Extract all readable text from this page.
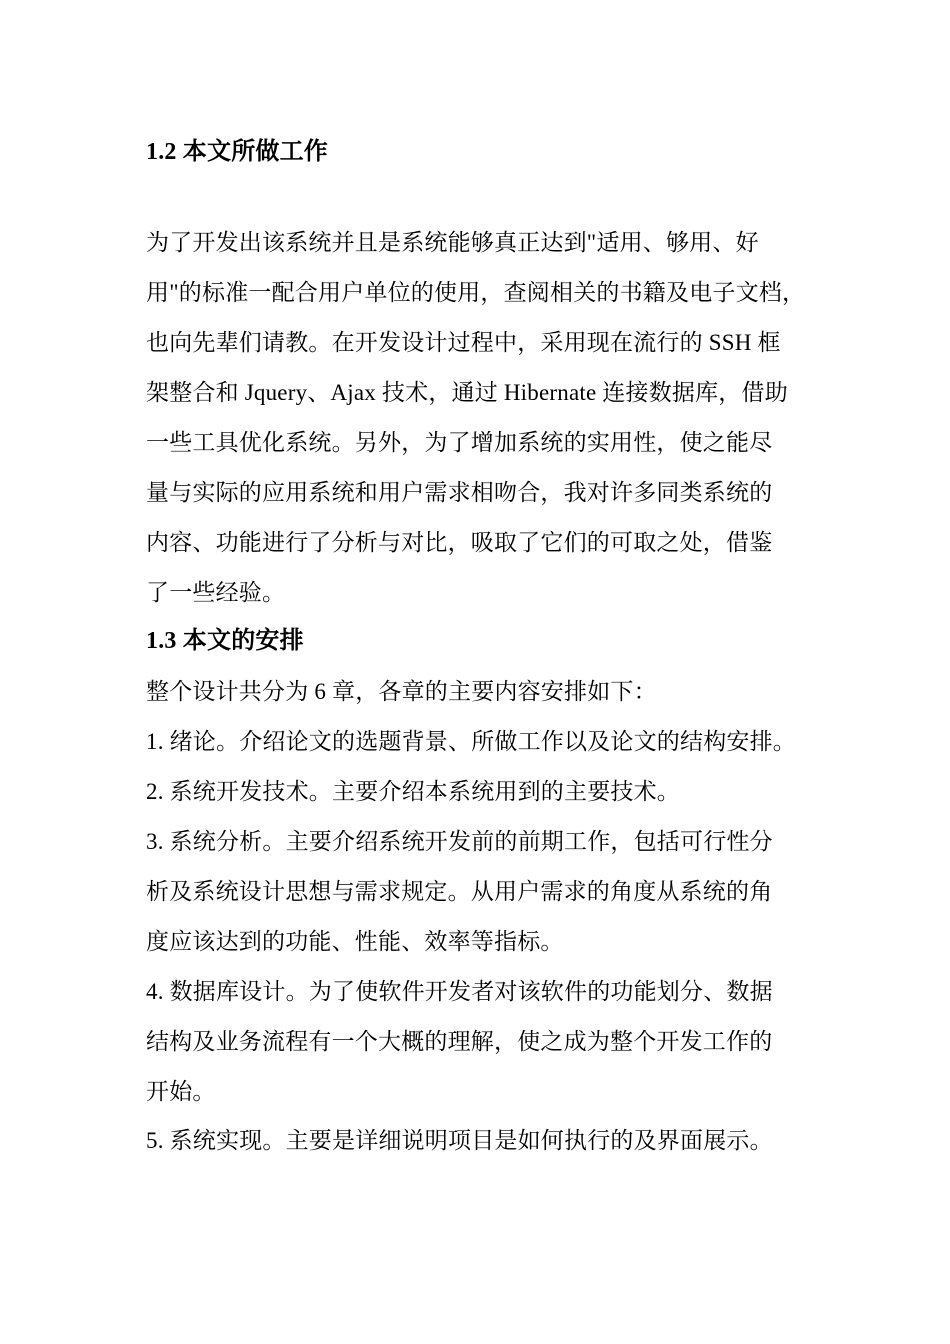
1.2 本文所做工作
为了开发出该系统并且是系统能够真正达到"适用、够用、好
用"的标准一配合用户单位的使用，查阅相关的书籍及电子文档，
也向先辈们请教。在开发设计过程中，采用现在流行的 SSH 框
架整合和 Jquery、Ajax 技术，通过 Hibernate 连接数据库，借助
一些工具优化系统。另外，为了增加系统的实用性，使之能尽
量与实际的应用系统和用户需求相吻合，我对许多同类系统的
内容、功能进行了分析与对比，吸取了它们的可取之处，借鉴
了一些经验。
1.3 本文的安排
整个设计共分为 6 章，各章的主要内容安排如下：
1. 绪论。介绍论文的选题背景、所做工作以及论文的结构安排。
2. 系统开发技术。主要介绍本系统用到的主要技术。
3. 系统分析。主要介绍系统开发前的前期工作，包括可行性分
析及系统设计思想与需求规定。从用户需求的角度从系统的角
度应该达到的功能、性能、效率等指标。
4. 数据库设计。为了使软件开发者对该软件的功能划分、数据
结构及业务流程有一个大概的理解，使之成为整个开发工作的
开始。
5. 系统实现。主要是详细说明项目是如何执行的及界面展示。
